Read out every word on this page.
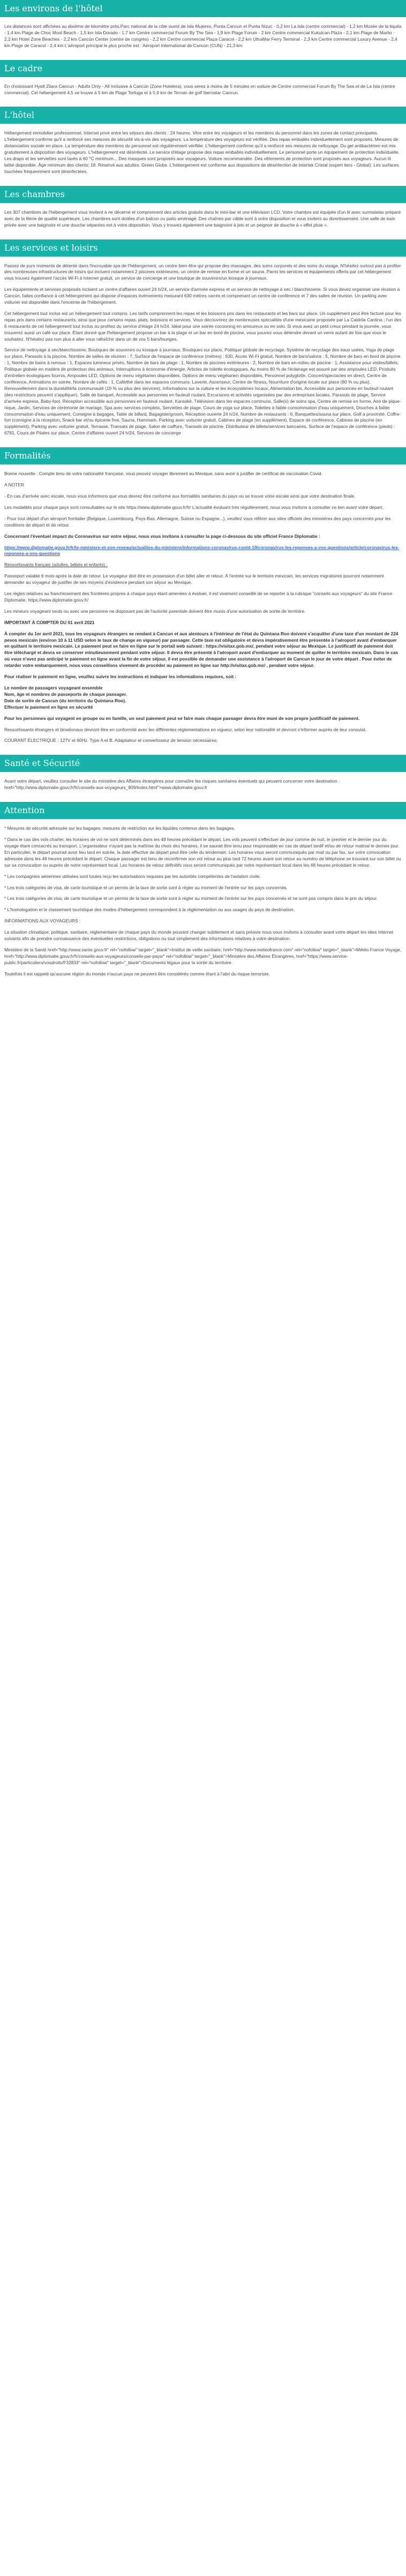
Les environs de l'hôtel

Les distances sont affichées au dixième de kilomètre près.Parc national de la côte ouest de Isla Mujeres, Punta Cancun et Punta Nizuc - 0,2 km La Isla (centre commercial) - 1,2 km Musée de la tiquila - 1,4 km Plage de Choc Mool Beach - 1,5 km Isla Dorado - 1,7 km Centre commercial Forum By The Sea - 1,9 km Plage Forum - 2 km Centre commercial Kukulcan Plaza - 2,1 km Plage de Marlin - 2,2 km Hotel Zone Beaches - 2,2 km Cancún Center (centre de congrès) - 2,2 km Centre commercial Plaza Caracol - 2,2 km UltraMar Ferry Terminal - 2,3 km Centre commercial Luxury Avenue - 2,4 km Plage de Caracol - 2,4 km L'aéroport principal le plus proche est : Aéroport International de Cancún (CUN) - 21,3 km

Le cadre

En choisissant Hyatt Ziiara Cancun - Adults Only - All Inclusive à Cancún (Zone Hotelera), vous serez à moins de 5 minutes en voiture de Centre commercial Forum By The Sea et de La Isla (centre commercial). Cet hébergement 4,5 se trouve à 5 km de Plage Tortuga et à 5,9 km de Terrain de golf Iberostar Cancun.

L'hôtel

Hébergement immobilier professionnel, Internet privé entre les séjours des clients : 24 heures. Vitre entre les voyageurs et les membres du personnel dans les zones de contact principales. L'hébergement confirme qu'il a renforcé ses mesures de sécurité vis-à-vis des voyageurs. La température des voyageurs est vérifiée. Des repas emballés individuellement sont proposés. Mesures de distanciation sociale en place. La température des membres du personnel est régulièrement vérifiée. L'hébergement confirme qu'il a renforcé ses mesures de nettoyage. Du gel antibactérien est mis gratuitement à disposition des voyageurs. L'hébergement est désinfecté. Le service d'étage propose des repas emballés individuellement. Le personnel porte un équipement de protection individuelle. Les draps et les serviettes sont lavés à 60 °C minimum... Des masques sont proposés aux voyageurs. Voiture recommandée. Des vêtements de protection sont proposés aux voyageurs. Aucun lit bébé disponible. Âge minimum des clients: 18. Réservé aux adultes. Green Globe. L'hébergement est conforme aux dispositions de désinfection de Intertek Cristal (expert tiers - Global). Les surfaces touchées fréquemment sont désinfectées.

Les chambres

Les 307 chambres de l'hébergement vous invitent à ne décerné et comprennent des articles gratuits dans le mini-bar et une télévision LCD. Votre chambre est équipée d'un lit avec surmatelas préparé avec de la literie de qualité supérieure. Les chambres sont dotées d'un balcon ou patio aménagé. Des chaînes par câble sont à votre disposition et vous invitent au divertissement. Une salle de bain privée avec une baignoire et une douche séparées est à votre disposition. Vous y trouvez également une baignoire à jets et un peignoir de douche à « effet pluie ».

Les services et loisirs

Passez de purs moments de détente dans l'incroyable spa de l'hébergement, un centre bien-être qui propose des massages, des soins corporels et des soins du visage. N'hésitez surtout pas à profiter des nombreuses infrastructures de loisirs qui incluent notamment 2 piscines extérieures, un centre de remise en forme et un sauna. Parmi les services et équipements offerts par cet hébergement vous trouvez également l'accès Wi-Fi à Internet gratuit, un service de concierge et une boutique de souvenirs/un kiosque à journaux.

Les équipements et services proposés incluent un centre d'affaires ouvert 24 h/24, un service d'arrivée express et un service de nettoyage à sec / blanchisserie. Si vous devez organiser une réunion à Cancún, faites confiance à cet hébergement qui dispose d'espaces événements mesurant 630 mètres carrés et comprenant un centre de conférence et 7 des salles de réunion. Un parking avec voiturier est disponible dans l'enceinte de l'hébergement.

Cet hébergement tout inclus est un hébergement tout compris. Les tarifs comprennent les repas et les boissons pris dans les restaurants et les bars sur place. Un supplément peut être facturé pour les repas pris dans certains restaurants, ainsi que pour certains repas, plats, boissons et services. Vous découvrirez de nombreuses spécialités d'une mexicaine proposée par La Caldrila Cantina ; l'un des 6 restaurants de cet hébergement tout inclus ou profitez du service d'étage 24 h/24. Idéal pour une soirée cocooning en amoureux ou en solo. Si vous avez un petit creux pendant la journée, vous trouverez aussi un café sur place. Étant donné que l'hébergement propose un bar à la plage et un bar en bord de piscine, vous pouvez vous détendre devant un verre autant de fois que vous le souhaitez. N'hésitez pas non plus à aller vous rafraîchir dans un de vos 5 bars/lounges.

Service de nettoyage à sec/blanchisserie, Boutiques de souvenirs ou kiosque à journaux, Boutiques sur place, Politique globale de recyclage, Système de recyclage des eaux usées, Yoga de plage sur place, Parasols à la piscine, Nombre de salles de réunion : 7, Surface de l'espace de conférence (mètres) : 630, Accès Wi-Fi gratuit, Nombre de bars/salons : 5, Nombre de bars en bord de piscine : 1, Nombre de bains à remous : 1, Espaces lumineux privés, Nombre de bars de plage : 1, Nombre de piscines extérieures : 2, Nombre de bars en-milieu de piscine : 1, Assistance pour visites/billets, Politique globale en matière de protection des animaux, Interruptions à économie d'énergie, Articles de toilette écologiques, Au moins 80 % de l'éclairage est assuré par des ampoules LED, Produits d'entretien écologiques fournis, Ampoules LED, Options de menu végétarien disponibles, Options de menu végétarien disponibles, Personnel polyglotte, Concert/spectacles en direct, Centre de conférence, Animations en soirée, Nombre de cafés : 1, Café/thé dans les espaces communs, Laverie, Ascenseur, Centre de fitness, Nourriture d'origine locale sur place (80 % ou plus), Renouvellement dans la durabilité/la communauté (10 % ou plus des services), Informations sur la culture et les écosystèmes locaux, Alimentation bio, Accessible aux personnes en fauteuil roulant (des restrictions peuvent s'appliquer), Salle de banquet, Accessible aux personnes en fauteuil roulant, Excursions et activités organisées par des entreprises locales, Parasols de plage, Service d'arrivée express, Baby-foot, Réception accessible aux personnes en fauteuil roulant, Karaoké, Télévision dans les espaces communs, Salle(s) de soins spa, Centre de remise en forme, Aire de pique-nique, Jardin, Services de cérémonie de mariage, Spa avec services complets, Serviettes de plage, Cours de yoga sur place, Toilettes à faible consommation d'eau uniquement, Douches à faible consommation d'eau uniquement, Consigne à bagages, Table de billard, Bagagiste/groom, Réception ouverte 24 h/24, Nombre de restaurants : 6, Banquettes/sauna sur place, Golf à proximité, Coffre-fort (consigne à la réception, Snack bar et/ou épicerie fine, Sauna, Hammam, Parking avec voiturier gratuit, Cabines de plage (en supplément), Espace de conférence, Cabines de piscine (en supplément), Parking avec voiturier gratuit, Terrasse, Transats de plage, Salon de coiffure, Transats de piscine, Distributeur de billets/services bancaires, Surface de l'espace de conférence (pieds) : 6781, Cours de Pilates sur place, Centre d'affaires ouvert 24 h/24, Services de concierge

Formalités

Bonne nouvelle : Compte tenu de votre nationalité française, vous pouvez voyager librement au Mexique, sans avoir à justifier de certificat de vaccination Covid.

A NOTER

- En cas d'arrivée avec escale, nous vous informons que vous devrez être conforme aux formalités sanitaires du pays où se trouve votre escale ainsi que votre destination finale.

Les modalités pour chaque pays sont consultables sur le site https://www.diplomatie.gouv.fr/fr/ L'actualité évoluant très régulièrement, nous vous invitons à consulter ce lien avant votre départ.

- Pour tout départ d'un aéroport frontalier (Belgique, Luxembourg, Pays-Bas, Allemagne, Suisse ou Espagne...), veuillez vous référer aux sites officiels des ministères des pays concernés pour les conditions de départ et de retour.

Concernant l'éventuel impact du Coronavirus sur votre séjour, nous vous invitons à consulter la page ci-dessous du site officiel France Diplomatie :

https://www.diplomatie.gouv.fr/fr/le-ministere-et-son-reseau/actualites-du-ministere/informations-coronavirus-covid-19/coronavirus-les-reponses-a-vos-questions/article/coronavirus-les-reponses-a-vos-questions

Ressortissants français (adultes, bébés et enfants) :

Passeport valable 6 mois après la date de retour. Le voyageur doit être en possession d'un billet aller et retour. À l'entrée sur le territoire mexicain, les services migratoires pourront notamment demander au voyageur de justifier de ses moyens d'existence pendant son séjour au Mexique.

Les règles relatives au franchissement des frontières propres à chaque pays étant amenées à évoluer, il est vivement conseillé de se reporter à la rubrique "conseils aux voyageurs" du site France Diplomatie, https://www.diplomatie.gouv.fr/

Les mineurs voyageant seuls ou avec une personne ne disposant pas de l'autorité parentale doivent être munis d'une autorisation de sortie de territoire.

IMPORTANT À COMPTER DU 01 avril 2021

À compter du 1er avril 2021, tous les voyageurs étrangers se rendant à Cancun et aux alentours à l'intérieur de l'état du Quintana Roo doivent s'acquitter d'une taxe d'un montant de 224 pesos mexicain (environ 10 à 11 USD selon le taux de change en vigueur) par passager. Cette taxe est obligatoire et devra impérativement être présentée à l'aéroport avant d'embarquer en quittant le territoire mexicain. Le paiement peut se faire en ligne sur le portail web suivant : https://visitax.gob.mx/, pendant votre séjour au Mexique. Le justificatif de paiement doit être téléchargé et devra se conserver minutieusement pendant votre séjour. Il devra être présenté à l'aéroport avant d'embarquer au moment de quitter le territoire mexicain. Dans le cas où vous n'avez pas anticipé le paiement en ligne avant la fin de votre séjour, il est possible de demander une assistance à l'aéroport de Cancun le jour de votre départ . Pour éviter de retarder votre embarquement, nous vous conseillons vivement de procéder au paiement en ligne sur http://visitax.gob.mx/ , pendant votre séjour.

Pour réaliser le paiement en ligne, veuillez suivre les instructions et indiquer les informations requises, soit :

Le nombre de passagers voyageant ensemble
Nom, âge et nombres de passeports de chaque passager.
Date de sortie de Cancun (du territoire du Quintana Roo).
Effectuer le paiement en ligne en sécurité

Pour les personnes qui voyagent en groupe ou en famille, un seul paiement peut se faire mais chaque passager devra être muni de son propre justificatif de paiement.

Ressortissants étrangers et binationaux devront être en conformité avec les différentes réglementations en vigueur, selon leur nationalité et devront s'informer auprès de leur consulat.

COURANT ÉLECTRIQUE : 127V et 60Hz. Type A et B. Adaptateur et convertisseur de tension nécessaires.

Santé et Sécurité

Avant votre départ, veuillez consulter le site du ministère des Affaires étrangères pour connaître les risques sanitaires éventuels qui peuvent concerner votre destination : href="http://www.diplomatie.gouv.fr/fr/conseils-aux-voyageurs_909/index.html">www.diplomatie.gouv.fr

Attention

* Mesures de sécurité adressée sur les bagages: mesures de restriction sur les liquides contenus dans les bagages.

* Dans le cas des vols charter, les horaires de vol ne sont déterminés dans les 48 heures précédant le départ. Les vols peuvent s'effectuer de jour comme de nuit, le premier et le dernier jour du voyage étant consacrés au transport. L'organisateur n'ayant pas la maîtrise du choix des horaires, il se saurait être tenu pour responsable en cas de départ tardif et/ou de retour matinal le dernier jour. En particulier, le départ pourrait avoir lieu tard en soirée, la date effective de départ peut être celle du lendemain. Les horaires vous seront communiqués par mail ou par fax, sur votre convocation adressée dans les 48 heures précédant le départ. Chaque passager est tenu de reconfirmer son vol retour au plus tard 72 heures avant son retour au numéro de téléphone se trouvant sur son billet ou sur sa convocation ou auprès de notre représentant local. Les horaires de retour définitifs vous seront communiqués par notre représentant local dans les 48 heures précédant le retour.

* Les compagnies aériennes utilisées sont toutes reçu les autorisations requises par les autorités compétentes de l'aviation civile.

* Les trois catégories de visa, de carte touristique et un permis de la taxe de sortie sont à régler au moment de l'entrée sur les pays concernés.

* Les trois catégories de visa, de carte touristique et un permis de la taxe de sortie sont à régler au moment de l'entrée sur les pays concernés et ne sont pas compris dans le prix du séjour.

* L'homologation et le classement touristique des modes d'hébergement correspondent à la réglementation ou aux usages du pays de destination.

INFORMATIONS AUX VOYAGEURS :

La situation climatique, politique, sanitaire, réglementaire de chaque pays du monde pouvant changer subitement et sans préavis nous vous invitons à consulter avant votre départ les sites Internet suivants afin de prendre connaissance des éventuelles restrictions, obligations ou tout simplement des informations relatives à votre destination.

Ministère de la Santé href="http://www.sante.gouv.fr" rel="nofollow" target="_blank">Institut de veille sanitaire, href="http://www.meteofrance.com" rel="nofollow" target="_blank">Météo France Voyage, href="http://www.diplomatie.gouv.fr/fr/conseils-aux-voyageurs/conseils-par-pays/" rel="nofollow" target="_blank">Ministère des Affaires Étrangères, href="https://www.service-public.fr/particuliers/vosdroits/F32833" rel="nofollow" target="_blank">Documents légaux pour la sortie du territoire.

Toutefois il est rappelé qu'aucune région du monde n'aucun pays ne peuvent être considérés comme étant à l'abri du risque terroriste.
